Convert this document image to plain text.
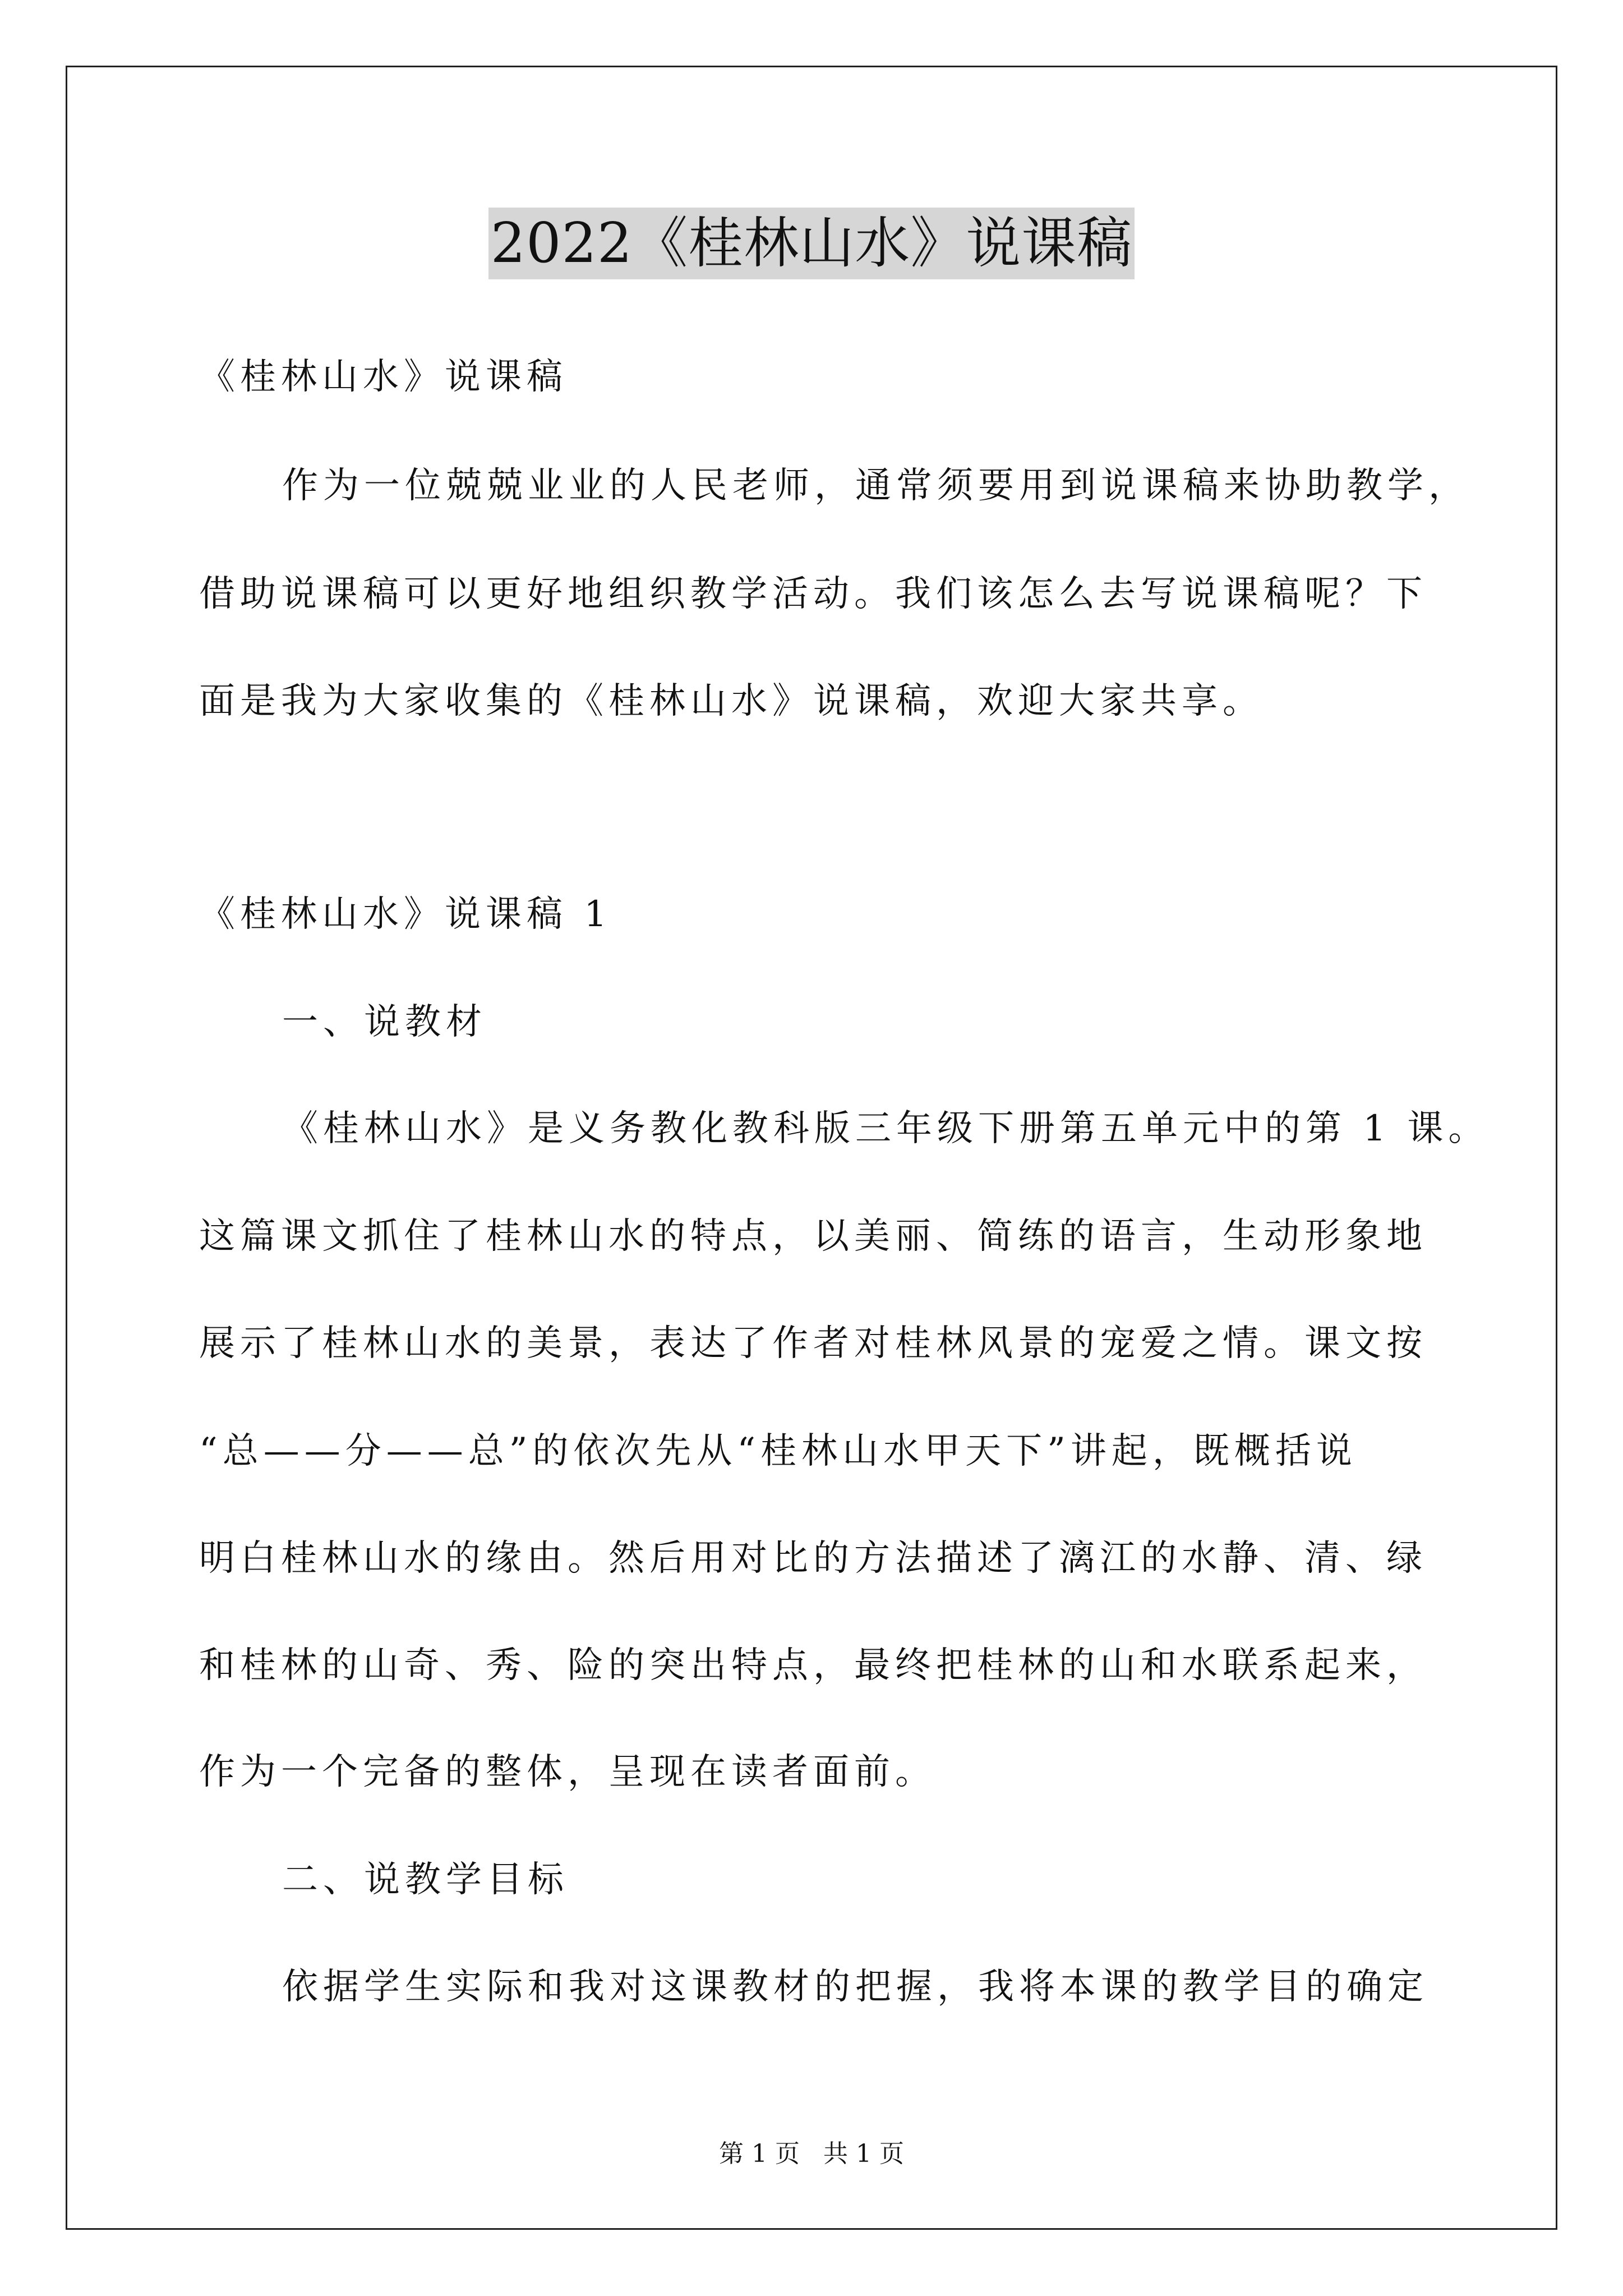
2022《桂林山水》说课稿
《桂林山水》说课稿
作为一位兢兢业业的人民老师，通常须要用到说课稿来协助教学，
借助说课稿可以更好地组织教学活动。我们该怎么去写说课稿呢？下
面是我为大家收集的《桂林山水》说课稿，欢迎大家共享。
《桂林山水》说课稿 1
一、说教材
《桂林山水》是义务教化教科版三年级下册第五单元中的第 1 课。
这篇课文抓住了桂林山水的特点，以美丽、简练的语言，生动形象地
展示了桂林山水的美景，表达了作者对桂林风景的宠爱之情。课文按
“总——分——总”的依次先从“桂林山水甲天下”讲起，既概括说
明白桂林山水的缘由。然后用对比的方法描述了漓江的水静、清、绿
和桂林的山奇、秀、险的突出特点，最终把桂林的山和水联系起来，
作为一个完备的整体，呈现在读者面前。
二、说教学目标
依据学生实际和我对这课教材的把握，我将本课的教学目的确定
第 1 页   共 1 页
